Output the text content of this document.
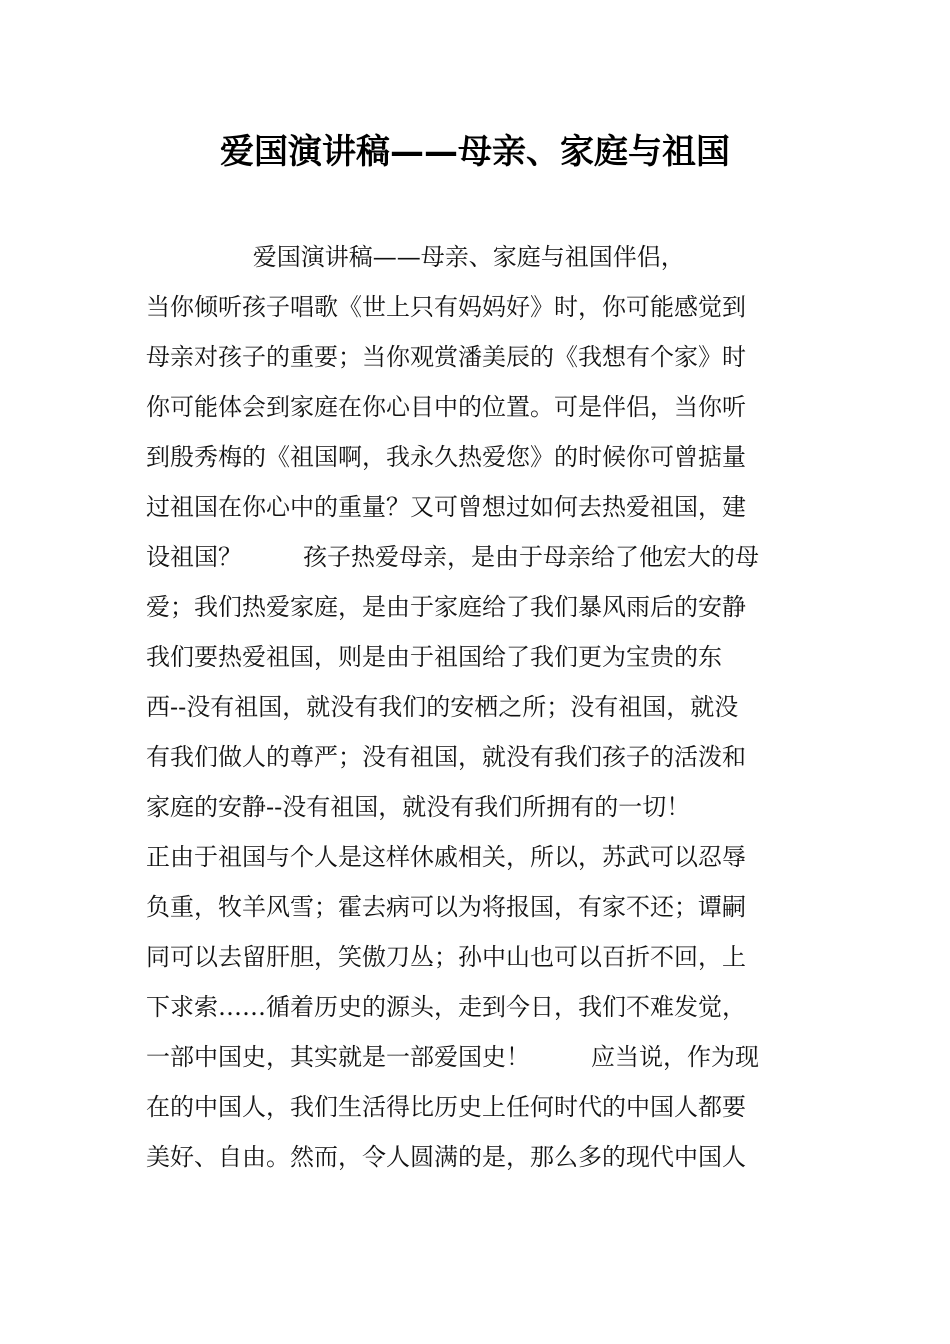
爱国演讲稿——母亲、家庭与祖国
爱国演讲稿——母亲、家庭与祖国伴侣，
当你倾听孩子唱歌《世上只有妈妈好》时，你可能感觉到
母亲对孩子的重要；当你观赏潘美辰的《我想有个家》时
你可能体会到家庭在你心目中的位置。可是伴侣，当你听
到殷秀梅的《祖国啊，我永久热爱您》的时候你可曾掂量
过祖国在你心中的重量？又可曾想过如何去热爱祖国，建
设祖国？        孩子热爱母亲，是由于母亲给了他宏大的母
爱；我们热爱家庭，是由于家庭给了我们暴风雨后的安静
我们要热爱祖国，则是由于祖国给了我们更为宝贵的东
西--没有祖国，就没有我们的安栖之所；没有祖国，就没
有我们做人的尊严；没有祖国，就没有我们孩子的活泼和
家庭的安静--没有祖国，就没有我们所拥有的一切！
正由于祖国与个人是这样休戚相关，所以，苏武可以忍辱
负重，牧羊风雪；霍去病可以为将报国，有家不还；谭嗣
同可以去留肝胆，笑傲刀丛；孙中山也可以百折不回，上
下求索……循着历史的源头，走到今日，我们不难发觉，
一部中国史，其实就是一部爱国史！        应当说，作为现
在的中国人，我们生活得比历史上任何时代的中国人都要
美好、自由。然而，令人圆满的是，那么多的现代中国人
